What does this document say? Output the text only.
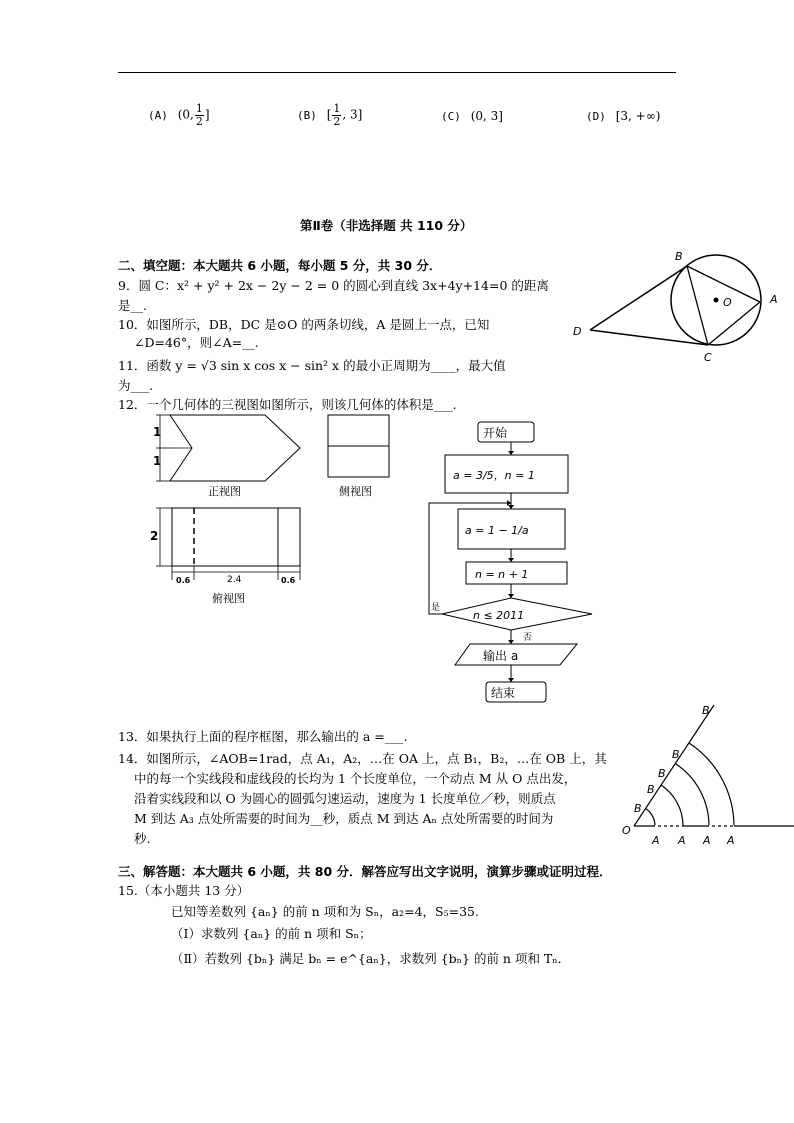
(A) (0, $\frac{1}{2}$ ]	(B) [ $\frac{1}{2}$ , 3]	(C) (0, 3]	(D) [3, +∞)
第Ⅱ卷（非选择题 共 110 分）
二、填空题：本大题共 6 小题，每小题 5 分，共 30 分．
9．圆 C：x² + y² + 2x − 2y − 2 = 0 的圆心到直线 3x+4y+14=0 的距离
是__.
10．如图所示，DB，DC 是⊙O 的两条切线，A 是圆上一点，已知
∠D=46°，则∠A=__.
11．函数 y = √3 sin x cos x − sin² x 的最小正周期为____，最大值
为___.
12．一个几何体的三视图如图所示，则该几何体的体积是___.
B
O	A
D
C
1
1
正视图	侧视图
2
0.6	2.4	0.6
俯视图
开始
a = 3/5，n = 1
a = 1 − 1/a
n = n + 1
n ≤ 2011
是
否
输出 a
结束
13．如果执行上面的程序框图，那么输出的 a =___.
14．如图所示，∠AOB=1rad，点 A₁，A₂，…在 OA 上，点 B₁，B₂，…在 OB 上，其
中的每一个实线段和虚线段的长均为 1 个长度单位，一个动点 M 从 O 点出发，
沿着实线段和以 O 为圆心的圆弧匀速运动，速度为 1 长度单位／秒，则质点
M 到达 A₃ 点处所需要的时间为__秒，质点 M 到达 Aₙ 点处所需要的时间为
秒.
O
A A A A
B
B
B
B
B
三、解答题：本大题共 6 小题，共 80 分．解答应写出文字说明，演算步骤或证明过程．
15.（本小题共 13 分）
已知等差数列 {aₙ} 的前 n 项和为 Sₙ，a₂=4，S₅=35.
（Ⅰ）求数列 {aₙ} 的前 n 项和 Sₙ；
（Ⅱ）若数列 {bₙ} 满足 bₙ = e^{aₙ}，求数列 {bₙ} 的前 n 项和 Tₙ．
